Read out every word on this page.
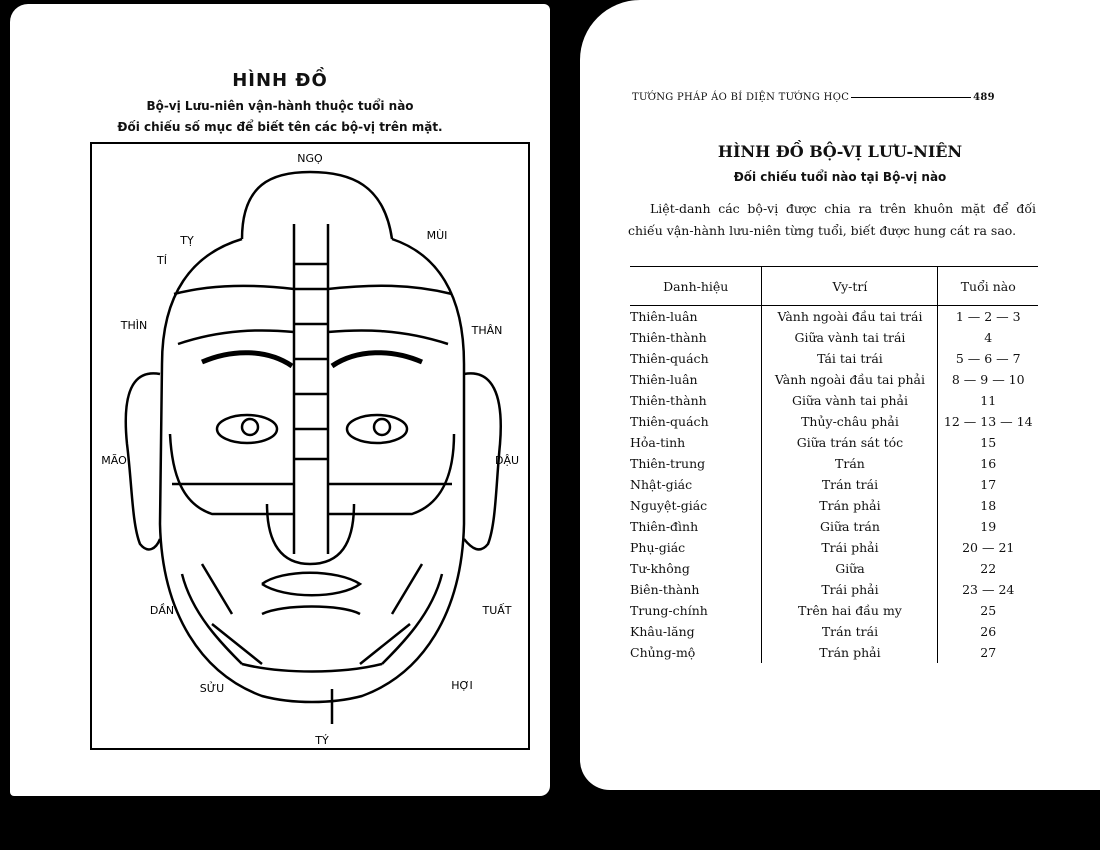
HÌNH ĐỒ
Bộ-vị Lưu-niên vận-hành thuộc tuổi nào
Đối chiếu số mục để biết tên các bộ-vị trên mặt.
NGỌ
MÙI
THÂN
DẬU
TUẤT
HỢI
TÝ
SỬU
DẦN
MÃO
THÌN
TỴ
TÍ
TƯỚNG PHÁP ÁO BÍ DIỆN TƯỚNG HỌC	489
HÌNH ĐỒ BỘ-VỊ LƯU-NIÊN
Đối chiếu tuổi nào tại Bộ-vị nào
Liệt-danh các bộ-vị được chia ra trên khuôn mặt để đối chiếu vận-hành lưu-niên từng tuổi, biết được hung cát ra sao.
Danh-hiệu	Vy-trí	Tuổi nào
Thiên-luân	Vành ngoài đầu tai trái	1 — 2 — 3
Thiên-thành	Giữa vành tai trái	4
Thiên-quách	Tái tai trái	5 — 6 — 7
Thiên-luân	Vành ngoài đầu tai phải	8 — 9 — 10
Thiên-thành	Giữa vành tai phải	11
Thiên-quách	Thủy-châu phải	12 — 13 — 14
Hỏa-tinh	Giữa trán sát tóc	15
Thiên-trung	Trán	16
Nhật-giác	Trán trái	17
Nguyệt-giác	Trán phải	18
Thiên-đình	Giữa trán	19
Phụ-giác	Trái phải	20 — 21
Tư-không	Giữa	22
Biên-thành	Trái phải	23 — 24
Trung-chính	Trên hai đầu my	25
Khâu-lăng	Trán trái	26
Chủng-mộ	Trán phải	27
